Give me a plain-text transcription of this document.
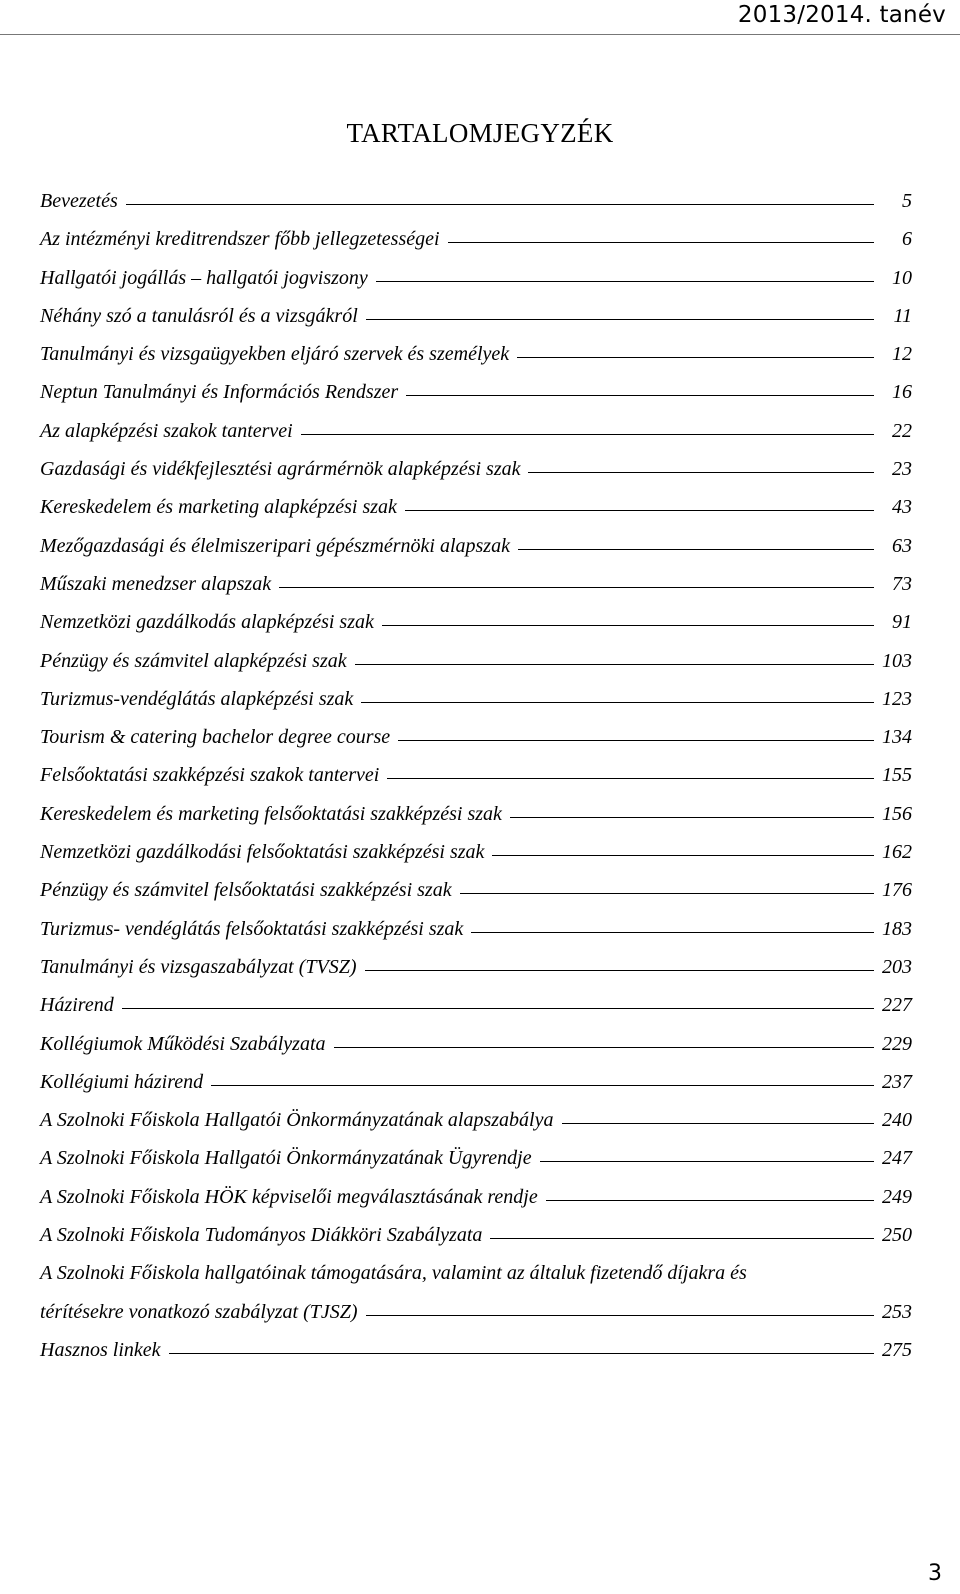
2013/2014. tanév
TARTALOMJEGYZÉK
Bevezetés	5
Az intézményi kreditrendszer főbb jellegzetességei	6
Hallgatói jogállás – hallgatói jogviszony	10
Néhány szó a tanulásról és a vizsgákról	11
Tanulmányi és vizsgaügyekben eljáró szervek és személyek	12
Neptun Tanulmányi és Információs Rendszer	16
Az alapképzési szakok tantervei	22
Gazdasági és vidékfejlesztési agrármérnök alapképzési szak	23
Kereskedelem és marketing alapképzési szak	43
Mezőgazdasági és élelmiszeripari gépészmérnöki alapszak	63
Műszaki menedzser alapszak	73
Nemzetközi gazdálkodás alapképzési szak	91
Pénzügy és számvitel alapképzési szak	103
Turizmus-vendéglátás alapképzési szak	123
Tourism & catering bachelor degree course	134
Felsőoktatási szakképzési szakok tantervei	155
Kereskedelem és marketing felsőoktatási szakképzési szak	156
Nemzetközi gazdálkodási felsőoktatási szakképzési szak	162
Pénzügy és számvitel felsőoktatási szakképzési szak	176
Turizmus- vendéglátás felsőoktatási szakképzési szak	183
Tanulmányi és vizsgaszabályzat (TVSZ)	203
Házirend	227
Kollégiumok Működési Szabályzata	229
Kollégiumi házirend	237
A Szolnoki Főiskola Hallgatói Önkormányzatának alapszabálya	240
A Szolnoki Főiskola Hallgatói Önkormányzatának Ügyrendje	247
A Szolnoki Főiskola HÖK képviselői megválasztásának rendje	249
A Szolnoki Főiskola Tudományos Diákköri Szabályzata	250
A Szolnoki Főiskola hallgatóinak támogatására, valamint az általuk fizetendő díjakra és
térítésekre vonatkozó szabályzat (TJSZ)	253
Hasznos linkek	275
3
